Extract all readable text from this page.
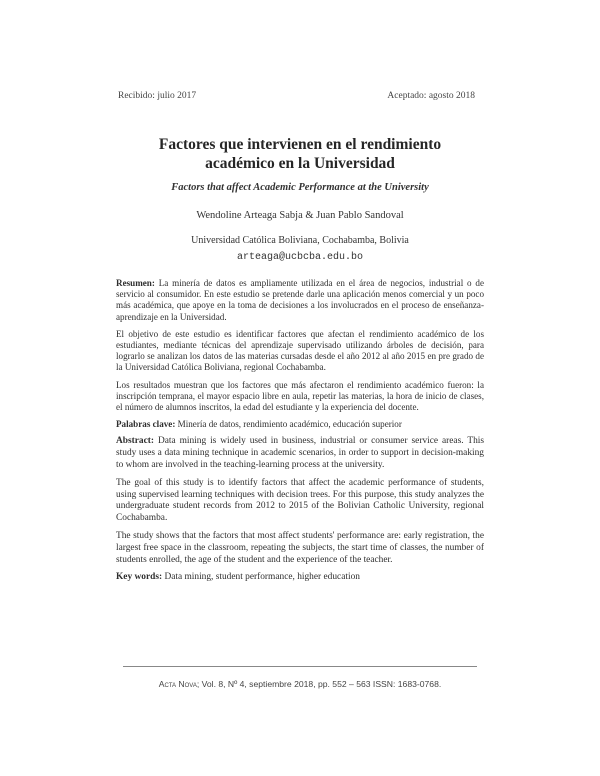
Recibido: julio 2017	Aceptado: agosto 2018
Factores que intervienen en el rendimiento
académico en la Universidad
Factors that affect Academic Performance at the University
Wendoline Arteaga Sabja & Juan Pablo Sandoval
Universidad Católica Boliviana, Cochabamba, Bolivia
arteaga@ucbcba.edu.bo

Resumen: La minería de datos es ampliamente utilizada en el área de negocios, industrial o de servicio al consumidor. En este estudio se pretende darle una aplicación menos comercial y un poco más académica, que apoye en la toma de decisiones a los involucrados en el proceso de enseñanza-aprendizaje en la Universidad.

El objetivo de este estudio es identificar factores que afectan el rendimiento académico de los estudiantes, mediante técnicas del aprendizaje supervisado utilizando árboles de decisión, para lograrlo se analizan los datos de las materias cursadas desde el año 2012 al año 2015 en pre grado de la Universidad Católica Boliviana, regional Cochabamba.

Los resultados muestran que los factores que más afectaron el rendimiento académico fueron: la inscripción temprana, el mayor espacio libre en aula, repetir las materias, la hora de inicio de clases, el número de alumnos inscritos, la edad del estudiante y la experiencia del docente.

Palabras clave: Minería de datos, rendimiento académico, educación superior

Abstract: Data mining is widely used in business, industrial or consumer service areas. This study uses a data mining technique in academic scenarios, in order to support in decision-making to whom are involved in the teaching-learning process at the university.

The goal of this study is to identify factors that affect the academic performance of students, using supervised learning techniques with decision trees. For this purpose, this study analyzes the undergraduate student records from 2012 to 2015 of the Bolivian Catholic University, regional Cochabamba.

The study shows that the factors that most affect students' performance are: early registration, the largest free space in the classroom, repeating the subjects, the start time of classes, the number of students enrolled, the age of the student and the experience of the teacher.

Key words: Data mining, student performance, higher education

Acta Nova; Vol. 8, Nº 4, septiembre 2018, pp. 552 – 563 ISSN: 1683-0768.
